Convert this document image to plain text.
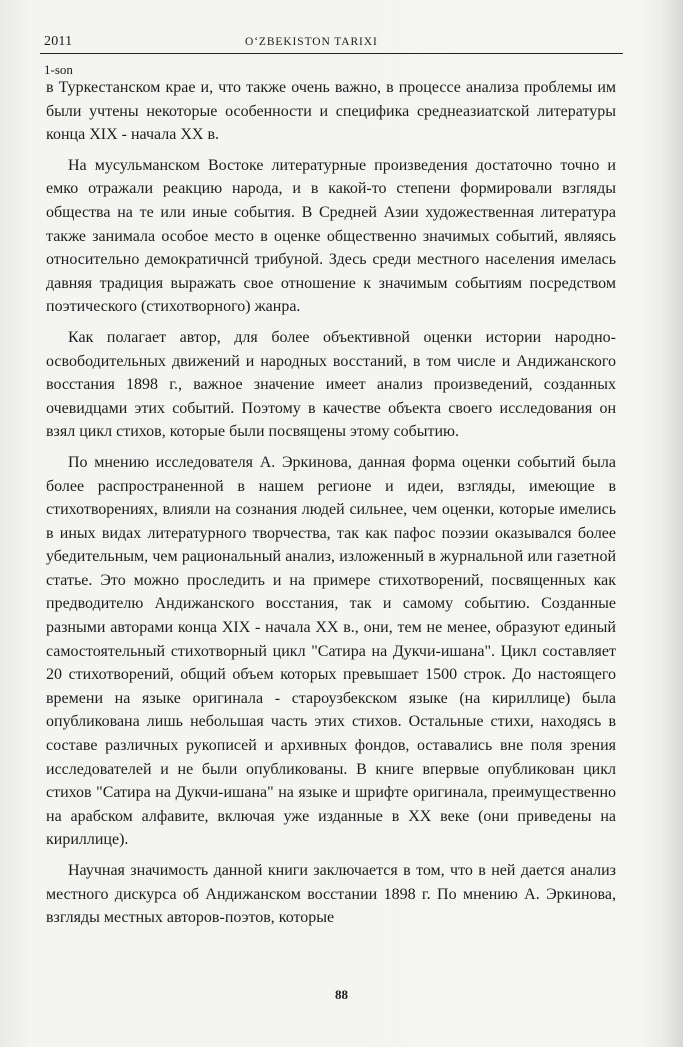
2011	O‘ZBEKISTON TARIXI
1-son

в Туркестанском крае и, что также очень важно, в процессе анализа проблемы им были учтены некоторые особенности и специфика среднеазиатской литературы конца XIX - начала XX в.

На мусульманском Востоке литературные произведения достаточно точно и емко отражали реакцию народа, и в какой-то степени формировали взгляды общества на те или иные события. В Средней Азии художественная литература также занимала особое место в оценке общественно значимых событий, являясь относительно демократичнсй трибуной. Здесь среди местного населения имелась давняя традиция выражать свое отношение к значимым событиям посредством поэтического (стихотворного) жанра.

Как полагает автор, для более объективной оценки истории народно-освободительных движений и народных восстаний, в том числе и Андижанского восстания 1898 г., важное значение имеет анализ произведений, созданных очевидцами этих событий. Поэтому в качестве объекта своего исследования он взял цикл стихов, которые были посвящены этому событию.

По мнению исследователя А. Эркинова, данная форма оценки событий была более распространенной в нашем регионе и идеи, взгляды, имеющие в стихотворениях, влияли на сознания людей сильнее, чем оценки, которые имелись в иных видах литературного творчества, так как пафос поэзии оказывался более убедительным, чем рациональный анализ, изложенный в журнальной или газетной статье. Это можно проследить и на примере стихотворений, посвященных как предводителю Андижанского восстания, так и самому событию. Созданные разными авторами конца XIX - начала XX в., они, тем не менее, образуют единый самостоятельный стихотворный цикл "Сатира на Дукчи-ишана". Цикл составляет 20 стихотворений, общий объем которых превышает 1500 строк. До настоящего времени на языке оригинала - староузбекском языке (на кириллице) была опубликована лишь небольшая часть этих стихов. Остальные стихи, находясь в составе различных рукописей и архивных фондов, оставались вне поля зрения исследователей и не были опубликованы. В книге впервые опубликован цикл стихов "Сатира на Дукчи-ишана" на языке и шрифте оригинала, преимущественно на арабском алфавите, включая уже изданные в XX веке (они приведены на кириллице).

Научная значимость данной книги заключается в том, что в ней дается анализ местного дискурса об Андижанском восстании 1898 г. По мнению А. Эркинова, взгляды местных авторов-поэтов, которые

88
